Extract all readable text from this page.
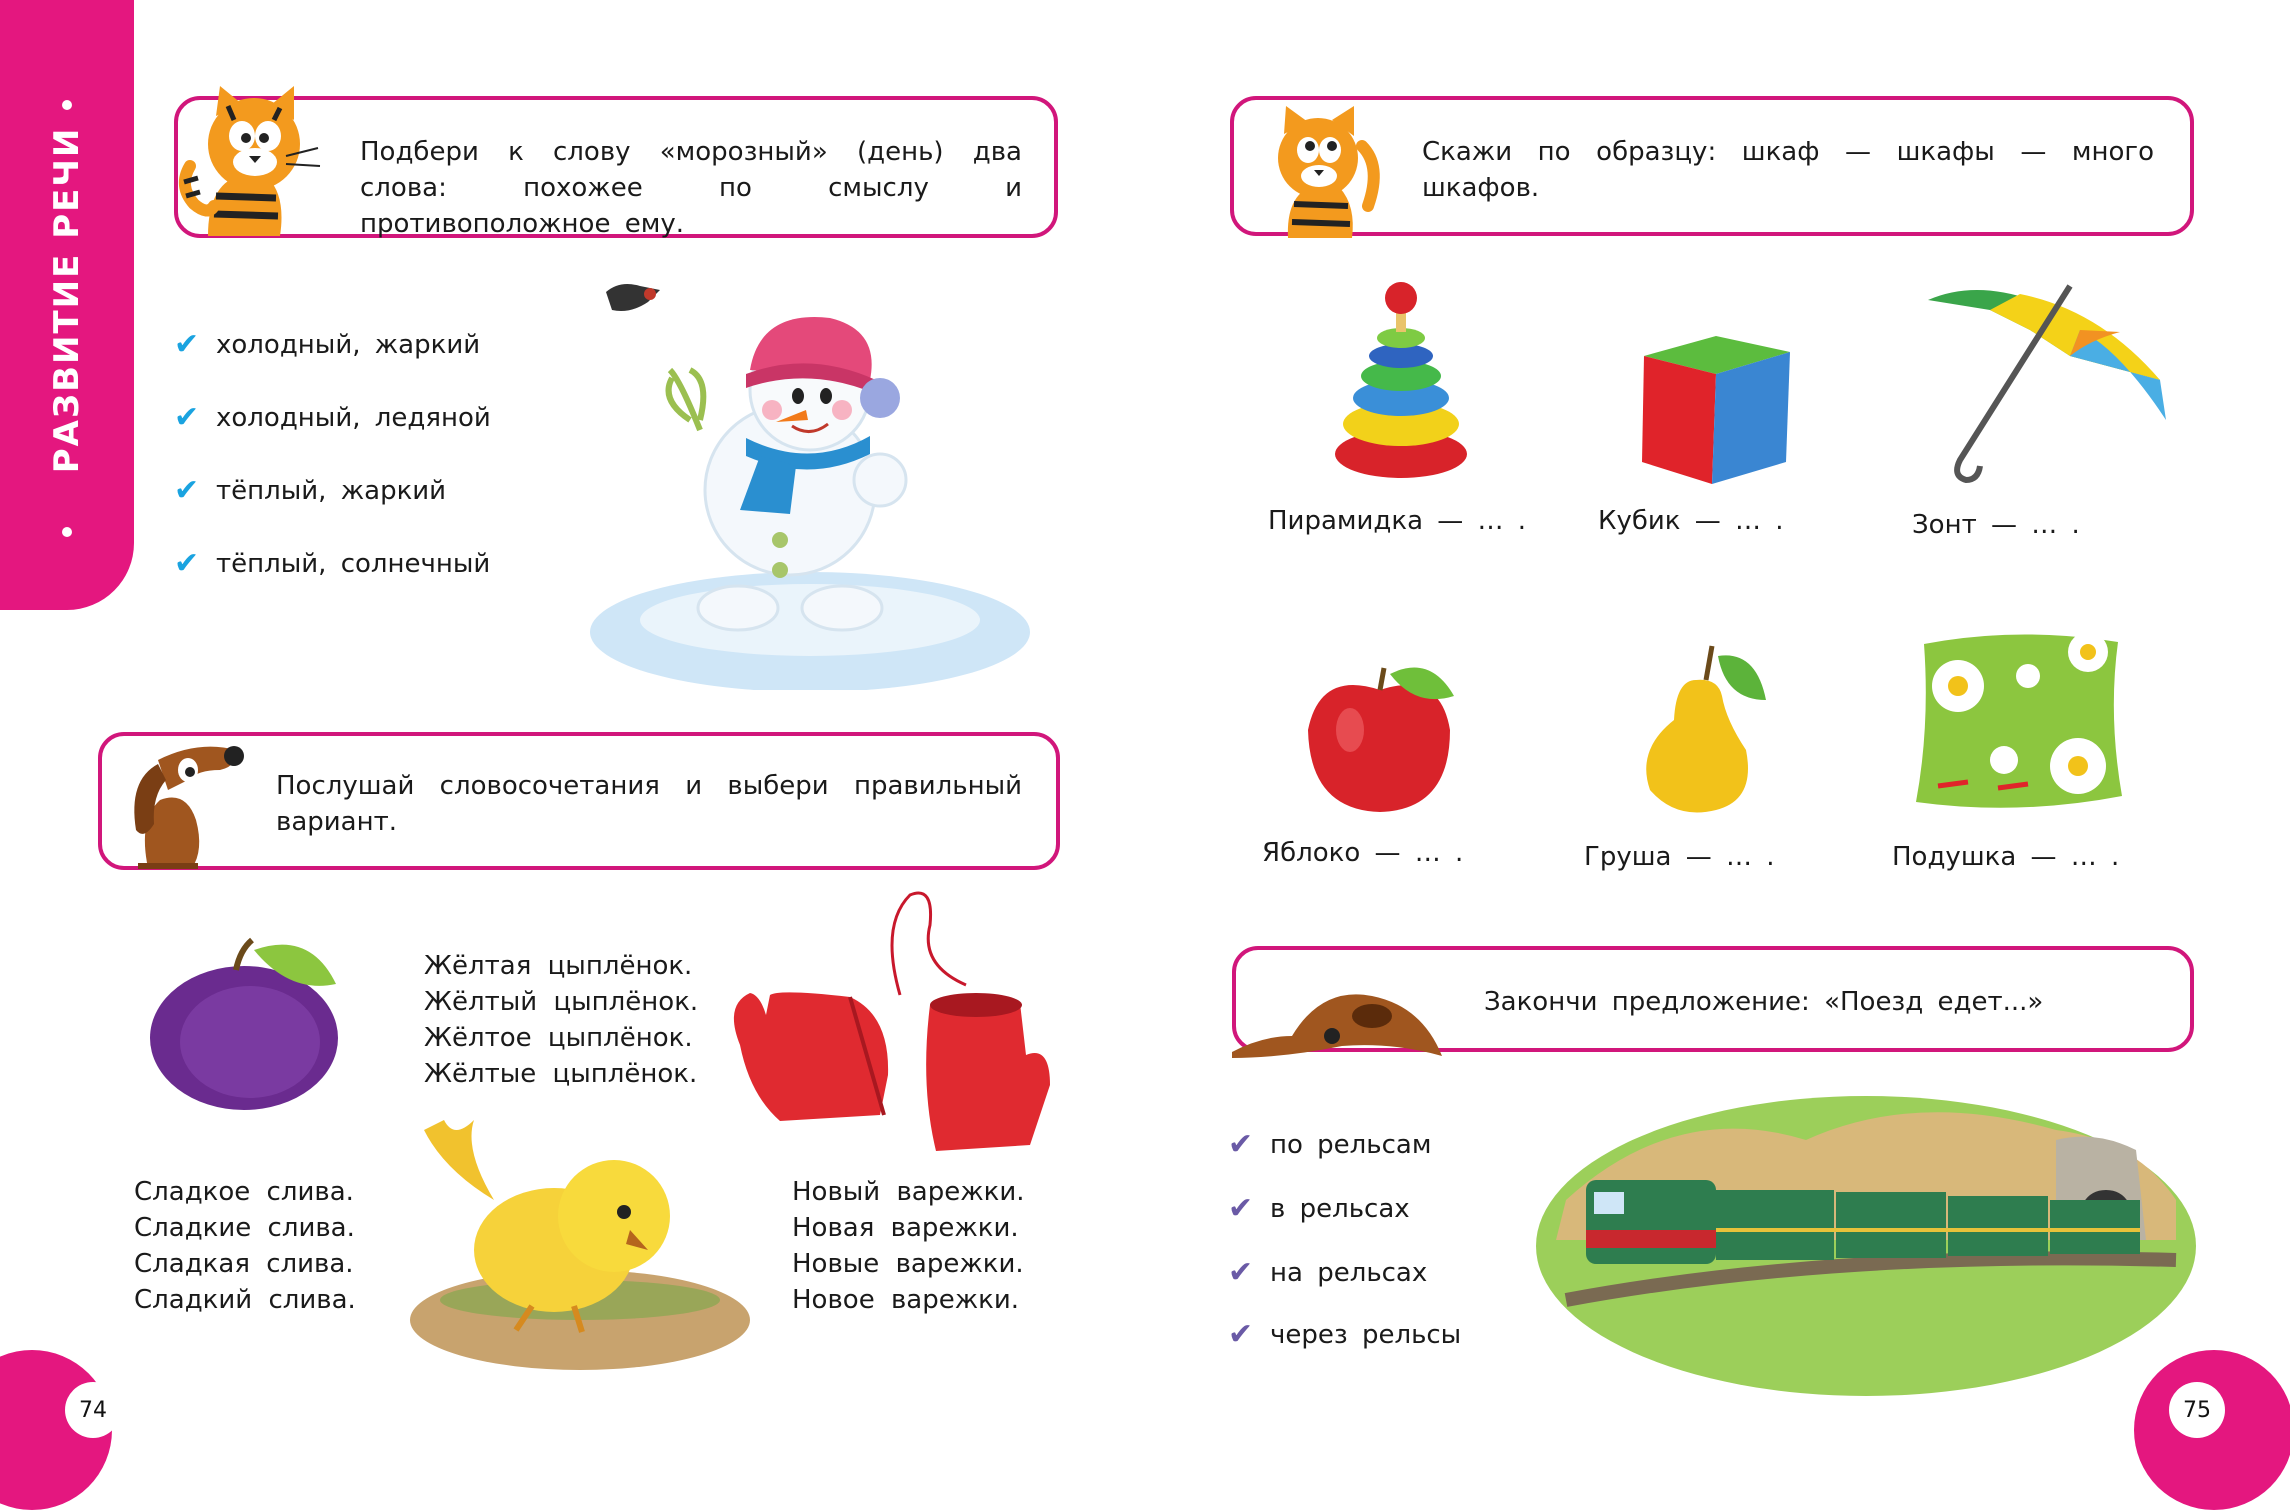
РАЗВИТИЕ РЕЧИ
74	75
Подбери к слову «морозный» (день) два слова: похожее по смыслу и противоположное ему.
✔ холодный, жаркий
✔ холодный, ледяной
✔ тёплый, жаркий
✔ тёплый, солнечный
Послушай словосочетания и выбери правильный вариант.
Сладкое слива.
Сладкие слива.
Сладкая слива.
Сладкий слива.
Жёлтая цыплёнок.
Жёлтый цыплёнок.
Жёлтое цыплёнок.
Жёлтые цыплёнок.
Новый варежки.
Новая варежки.
Новые варежки.
Новое варежки.
Скажи по образцу: шкаф — шкафы — много шкафов.
Пирамидка — … .	Кубик — … .	Зонт — … .
Яблоко — … .	Груша — … .	Подушка — … .
Закончи предложение: «Поезд едет...»
✔ по рельсам
✔ в рельсах
✔ на рельсах
✔ через рельсы
